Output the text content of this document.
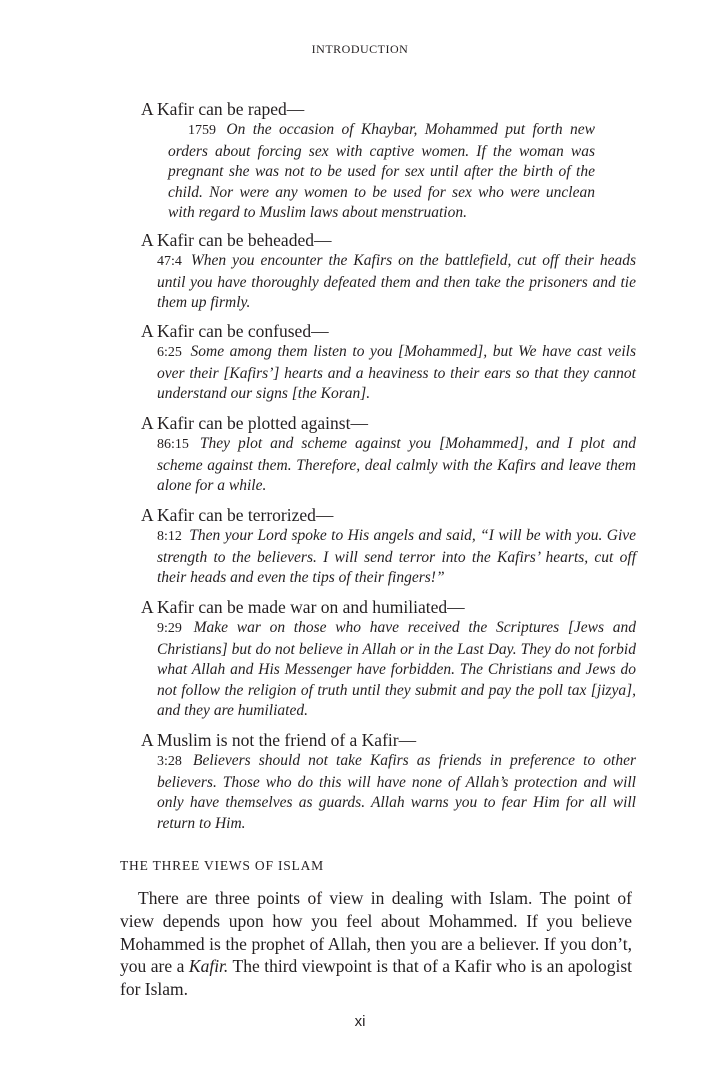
INTRODUCTION
A Kafir can be raped—
1759 On the occasion of Khaybar, Mohammed put forth new orders about forcing sex with captive women. If the woman was pregnant she was not to be used for sex until after the birth of the child. Nor were any women to be used for sex who were unclean with regard to Muslim laws about menstruation.
A Kafir can be beheaded—
47:4 When you encounter the Kafirs on the battlefield, cut off their heads until you have thoroughly defeated them and then take the prisoners and tie them up firmly.
A Kafir can be confused—
6:25 Some among them listen to you [Mohammed], but We have cast veils over their [Kafirs’] hearts and a heaviness to their ears so that they cannot understand our signs [the Koran].
A Kafir can be plotted against—
86:15 They plot and scheme against you [Mohammed], and I plot and scheme against them. Therefore, deal calmly with the Kafirs and leave them alone for a while.
A Kafir can be terrorized—
8:12 Then your Lord spoke to His angels and said, “I will be with you. Give strength to the believers. I will send terror into the Kafirs’ hearts, cut off their heads and even the tips of their fingers!”
A Kafir can be made war on and humiliated—
9:29 Make war on those who have received the Scriptures [Jews and Christians] but do not believe in Allah or in the Last Day. They do not forbid what Allah and His Messenger have forbidden. The Christians and Jews do not follow the religion of truth until they submit and pay the poll tax [jizya], and they are humiliated.
A Muslim is not the friend of a Kafir—
3:28 Believers should not take Kafirs as friends in preference to other believers. Those who do this will have none of Allah’s protection and will only have themselves as guards. Allah warns you to fear Him for all will return to Him.
THE THREE VIEWS OF ISLAM
There are three points of view in dealing with Islam. The point of view depends upon how you feel about Mohammed. If you believe Mohammed is the prophet of Allah, then you are a believer. If you don’t, you are a Kafir. The third viewpoint is that of a Kafir who is an apologist for Islam.
xi
